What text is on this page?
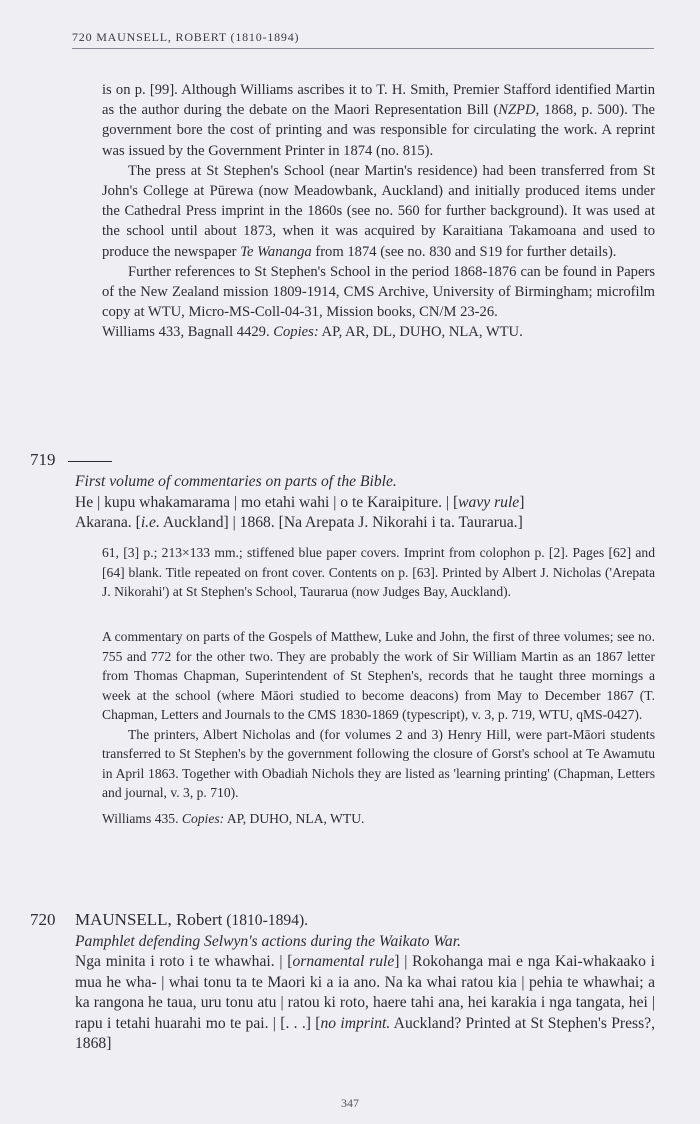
720 MAUNSELL, ROBERT (1810-1894)

is on p. [99]. Although Williams ascribes it to T. H. Smith, Premier Stafford identified Martin as the author during the debate on the Maori Representation Bill (NZPD, 1868, p. 500). The government bore the cost of printing and was responsible for circulating the work. A reprint was issued by the Government Printer in 1874 (no. 815).

The press at St Stephen's School (near Martin's residence) had been transferred from St John's College at Pūrewa (now Meadowbank, Auckland) and initially produced items under the Cathedral Press imprint in the 1860s (see no. 560 for further background). It was used at the school until about 1873, when it was acquired by Karaitiana Takamoana and used to produce the newspaper Te Wananga from 1874 (see no. 830 and S19 for further details).

Further references to St Stephen's School in the period 1868-1876 can be found in Papers of the New Zealand mission 1809-1914, CMS Archive, University of Birmingham; microfilm copy at WTU, Micro-MS-Coll-04-31, Mission books, CN/M 23-26.

Williams 433, Bagnall 4429. Copies: AP, AR, DL, DUHO, NLA, WTU.

719

First volume of commentaries on parts of the Bible.

He | kupu whakamarama | mo etahi wahi | o te Karaipiture. | [wavy rule]

Akarana. [i.e. Auckland] | 1868. [Na Arepata J. Nikorahi i ta. Taurarua.]

61, [3] p.; 213×133 mm.; stiffened blue paper covers. Imprint from colophon p. [2]. Pages [62] and [64] blank. Title repeated on front cover. Contents on p. [63]. Printed by Albert J. Nicholas ('Arepata J. Nikorahi') at St Stephen's School, Taurarua (now Judges Bay, Auckland).

A commentary on parts of the Gospels of Matthew, Luke and John, the first of three volumes; see no. 755 and 772 for the other two. They are probably the work of Sir William Martin as an 1867 letter from Thomas Chapman, Superintendent of St Stephen's, records that he taught three mornings a week at the school (where Māori studied to become deacons) from May to December 1867 (T. Chapman, Letters and Journals to the CMS 1830-1869 (typescript), v. 3, p. 719, WTU, qMS-0427).

The printers, Albert Nicholas and (for volumes 2 and 3) Henry Hill, were part-Māori students transferred to St Stephen's by the government following the closure of Gorst's school at Te Awamutu in April 1863. Together with Obadiah Nichols they are listed as 'learning printing' (Chapman, Letters and journal, v. 3, p. 710).

Williams 435. Copies: AP, DUHO, NLA, WTU.

720 MAUNSELL, Robert (1810-1894).

Pamphlet defending Selwyn's actions during the Waikato War.

Nga minita i roto i te whawhai. | [ornamental rule] | Rokohanga mai e nga Kai-whakaako i mua he wha- | whai tonu ta te Maori ki a ia ano. Na ka whai ratou kia | pehia te whawhai; a ka rangona he taua, uru tonu atu | ratou ki roto, haere tahi ana, hei karakia i nga tangata, hei | rapu i tetahi huarahi mo te pai. | [. . .] [no imprint. Auckland? Printed at St Stephen's Press?, 1868]

347
